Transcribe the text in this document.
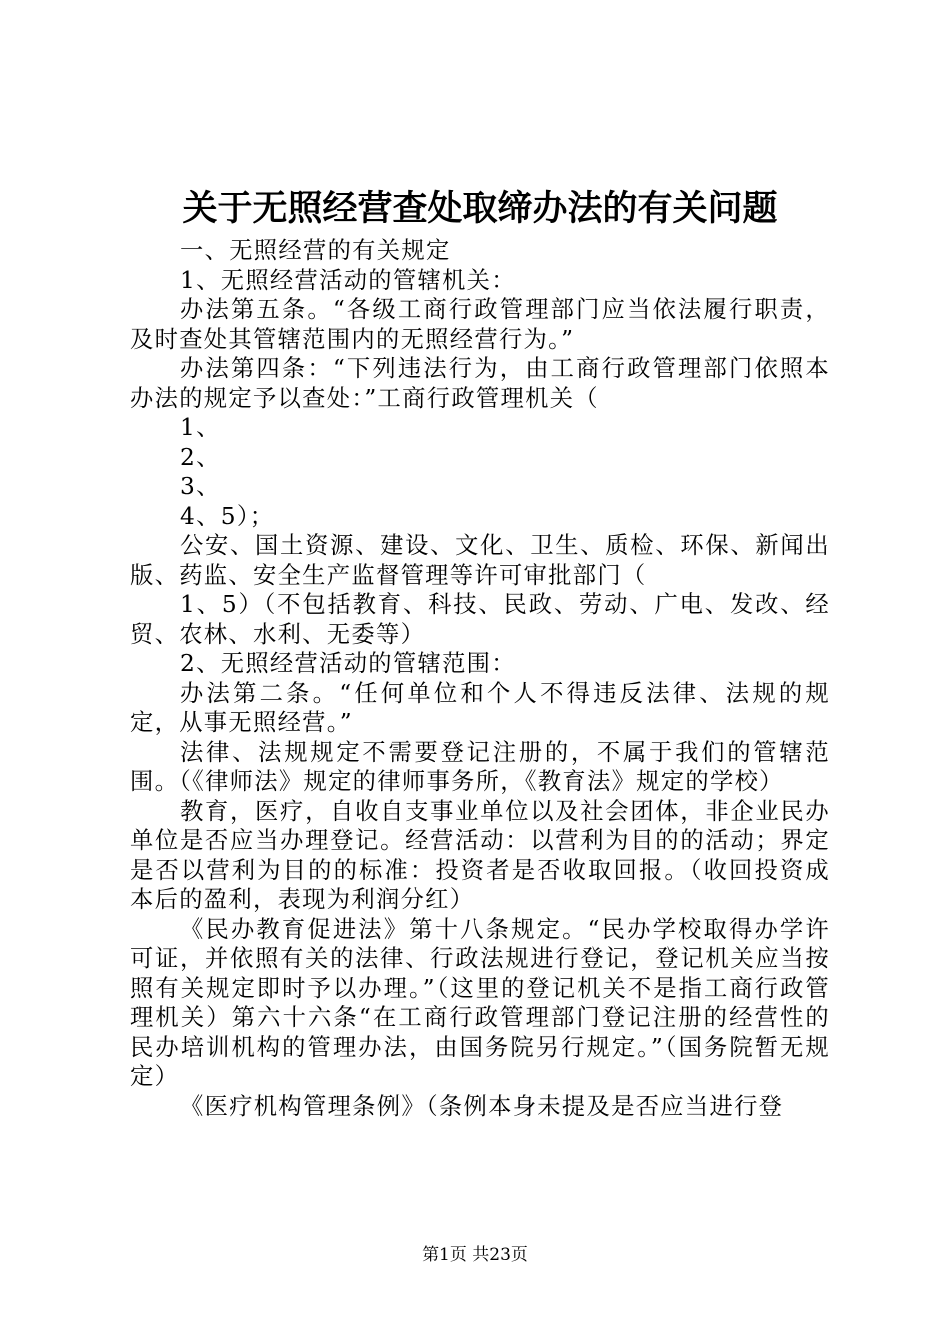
关于无照经营查处取缔办法的有关问题

一、无照经营的有关规定

1、无照经营活动的管辖机关：

办法第五条。“各级工商行政管理部门应当依法履行职责，及时查处其管辖范围内的无照经营行为。”

办法第四条：“下列违法行为，由工商行政管理部门依照本办法的规定予以查处：”工商行政管理机关（

1、

2、

3、

4、5）；

公安、国土资源、建设、文化、卫生、质检、环保、新闻出版、药监、安全生产监督管理等许可审批部门（

1、5）（不包括教育、科技、民政、劳动、广电、发改、经贸、农林、水利、无委等）

2、无照经营活动的管辖范围：

办法第二条。“任何单位和个人不得违反法律、法规的规定，从事无照经营。”

法律、法规规定不需要登记注册的，不属于我们的管辖范围。（《律师法》规定的律师事务所，《教育法》规定的学校）

教育，医疗，自收自支事业单位以及社会团体，非企业民办单位是否应当办理登记。经营活动：以营利为目的的活动；界定是否以营利为目的的标准：投资者是否收取回报。（收回投资成本后的盈利，表现为利润分红）

《民办教育促进法》第十八条规定。“民办学校取得办学许可证，并依照有关的法律、行政法规进行登记，登记机关应当按照有关规定即时予以办理。”（这里的登记机关不是指工商行政管理机关）第六十六条“在工商行政管理部门登记注册的经营性的民办培训机构的管理办法，由国务院另行规定。”（国务院暂无规定）

《医疗机构管理条例》（条例本身未提及是否应当进行登

第1页 共23页
